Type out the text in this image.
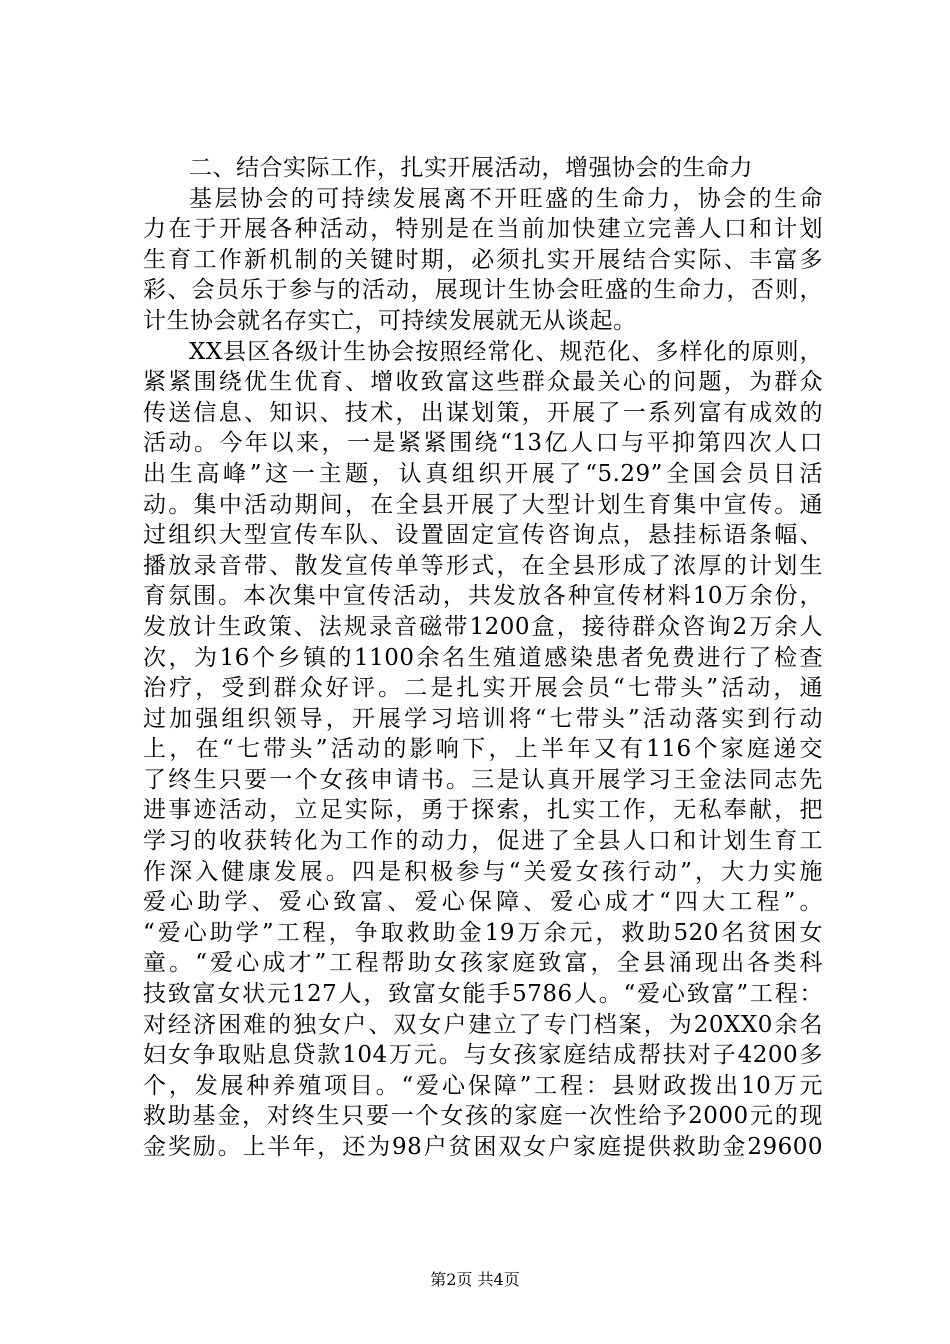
二、结合实际工作，扎实开展活动，增强协会的生命力
基层协会的可持续发展离不开旺盛的生命力，协会的生命
力在于开展各种活动，特别是在当前加快建立完善人口和计划
生育工作新机制的关键时期，必须扎实开展结合实际、丰富多
彩、会员乐于参与的活动，展现计生协会旺盛的生命力，否则，
计生协会就名存实亡，可持续发展就无从谈起。
XX县区各级计生协会按照经常化、规范化、多样化的原则，
紧紧围绕优生优育、增收致富这些群众最关心的问题，为群众
传送信息、知识、技术，出谋划策，开展了一系列富有成效的
活动。今年以来，一是紧紧围绕“13亿人口与平抑第四次人口
出生高峰”这一主题，认真组织开展了“5.29”全国会员日活
动。集中活动期间，在全县开展了大型计划生育集中宣传。通
过组织大型宣传车队、设置固定宣传咨询点，悬挂标语条幅、
播放录音带、散发宣传单等形式，在全县形成了浓厚的计划生
育氛围。本次集中宣传活动，共发放各种宣传材料10万余份，
发放计生政策、法规录音磁带1200盒，接待群众咨询2万余人
次，为16个乡镇的1100余名生殖道感染患者免费进行了检查
治疗，受到群众好评。二是扎实开展会员“七带头”活动，通
过加强组织领导，开展学习培训将“七带头”活动落实到行动
上，在“七带头”活动的影响下，上半年又有116个家庭递交
了终生只要一个女孩申请书。三是认真开展学习王金法同志先
进事迹活动，立足实际，勇于探索，扎实工作，无私奉献，把
学习的收获转化为工作的动力，促进了全县人口和计划生育工
作深入健康发展。四是积极参与“关爱女孩行动”，大力实施
爱心助学、爱心致富、爱心保障、爱心成才“四大工程”。
“爱心助学”工程，争取救助金19万余元，救助520名贫困女
童。“爱心成才”工程帮助女孩家庭致富，全县涌现出各类科
技致富女状元127人，致富女能手5786人。“爱心致富”工程：
对经济困难的独女户、双女户建立了专门档案，为20XX0余名
妇女争取贴息贷款104万元。与女孩家庭结成帮扶对子4200多
个，发展种养殖项目。“爱心保障”工程：县财政拨出10万元
救助基金，对终生只要一个女孩的家庭一次性给予2000元的现
金奖励。上半年，还为98户贫困双女户家庭提供救助金29600
第2页 共4页
